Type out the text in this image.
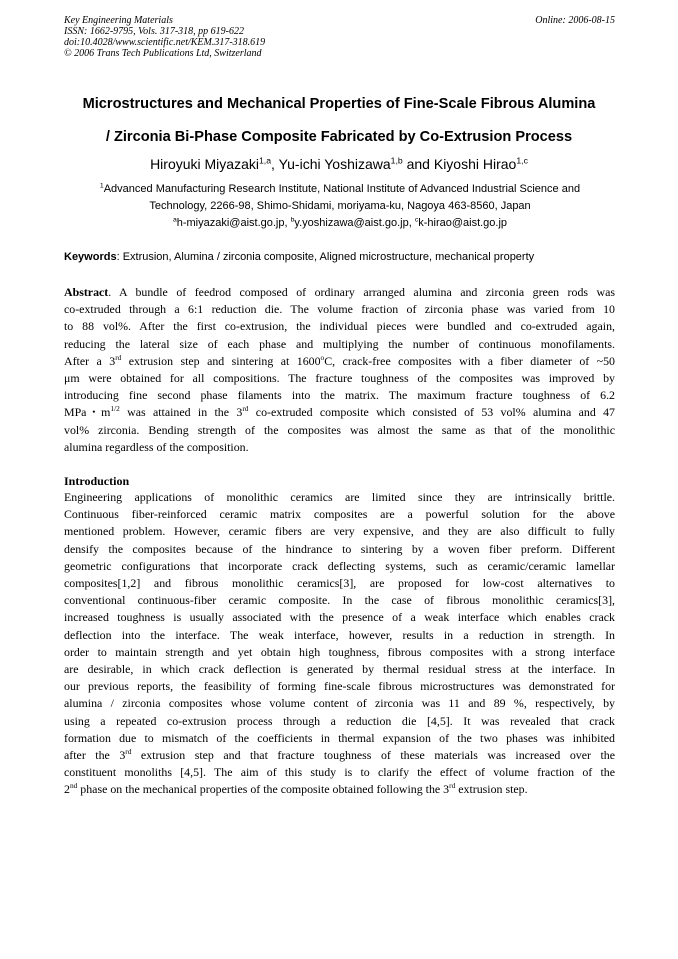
Key Engineering Materials
ISSN: 1662-9795, Vols. 317-318, pp 619-622
doi:10.4028/www.scientific.net/KEM.317-318.619
© 2006 Trans Tech Publications Ltd, Switzerland
Online: 2006-08-15
Microstructures and Mechanical Properties of Fine-Scale Fibrous Alumina
/ Zirconia Bi-Phase Composite Fabricated by Co-Extrusion Process
Hiroyuki Miyazaki$^{1,a}$, Yu-ichi Yoshizawa$^{1,b}$ and Kiyoshi Hirao$^{1,c}$
$^1$Advanced Manufacturing Research Institute, National Institute of Advanced Industrial Science and
Technology, 2266-98, Shimo-Shidami, moriyama-ku, Nagoya 463-8560, Japan
$^a$h-miyazaki@aist.go.jp, $^b$y.yoshizawa@aist.go.jp, $^c$k-hirao@aist.go.jp
Keywords: Extrusion, Alumina / zirconia composite, Aligned microstructure, mechanical property
Abstract. A bundle of feedrod composed of ordinary arranged alumina and zirconia green rods was
co-extruded through a 6:1 reduction die. The volume fraction of zirconia phase was varied from 10
to 88 vol%. After the first co-extrusion, the individual pieces were bundled and co-extruded again,
reducing the lateral size of each phase and multiplying the number of continuous monofilaments.
After a 3rd extrusion step and sintering at 1600$^o$C, crack-free composites with a fiber diameter of ~50
μm were obtained for all compositions. The fracture toughness of the composites was improved by
introducing fine second phase filaments into the matrix. The maximum fracture toughness of 6.2
MPa･$m^{1/2}$ was attained in the 3rd co-extruded composite which consisted of 53 vol% alumina and 47
vol% zirconia. Bending strength of the composites was almost the same as that of the monolithic
alumina regardless of the composition.
Introduction
Engineering applications of monolithic ceramics are limited since they are intrinsically brittle.
Continuous fiber-reinforced ceramic matrix composites are a powerful solution for the above
mentioned problem. However, ceramic fibers are very expensive, and they are also difficult to fully
densify the composites because of the hindrance to sintering by a woven fiber preform. Different
geometric configurations that incorporate crack deflecting systems, such as ceramic/ceramic lamellar
composites[1,2] and fibrous monolithic ceramics[3], are proposed for low-cost alternatives to
conventional continuous-fiber ceramic composite. In the case of fibrous monolithic ceramics[3],
increased toughness is usually associated with the presence of a weak interface which enables crack
deflection into the interface. The weak interface, however, results in a reduction in strength. In
order to maintain strength and yet obtain high toughness, fibrous composites with a strong interface
are desirable, in which crack deflection is generated by thermal residual stress at the interface. In
our previous reports, the feasibility of forming fine-scale fibrous microstructures was demonstrated for
alumina / zirconia composites whose volume content of zirconia was 11 and 89 %, respectively, by
using a repeated co-extrusion process through a reduction die [4,5]. It was revealed that crack
formation due to mismatch of the coefficients in thermal expansion of the two phases was inhibited
after the 3rd extrusion step and that fracture toughness of these materials was increased over the
constituent monoliths [4,5]. The aim of this study is to clarify the effect of volume fraction of the
2nd phase on the mechanical properties of the composite obtained following the 3rd extrusion step.
